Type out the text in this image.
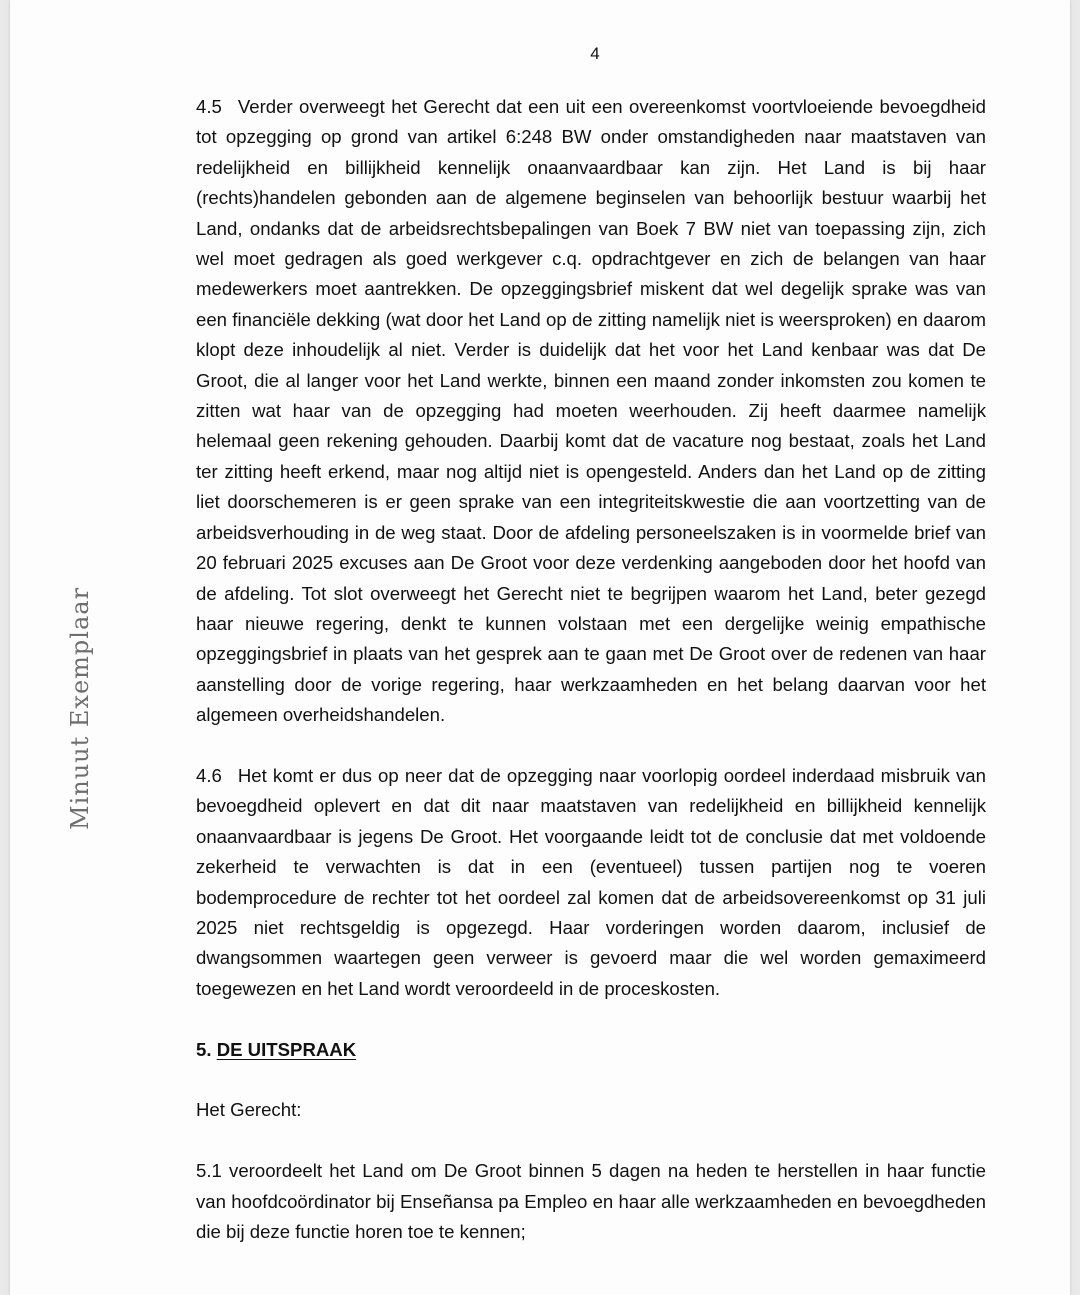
4
Minuut Exemplaar

4.5 Verder overweegt het Gerecht dat een uit een overeenkomst voortvloeiende bevoegdheid tot opzegging op grond van artikel 6:248 BW onder omstandigheden naar maatstaven van redelijkheid en billijkheid kennelijk onaanvaardbaar kan zijn. Het Land is bij haar (rechts)handelen gebonden aan de algemene beginselen van behoorlijk bestuur waarbij het Land, ondanks dat de arbeidsrechtsbepalingen van Boek 7 BW niet van toepassing zijn, zich wel moet gedragen als goed werkgever c.q. opdrachtgever en zich de belangen van haar medewerkers moet aantrekken. De opzeggingsbrief miskent dat wel degelijk sprake was van een financiële dekking (wat door het Land op de zitting namelijk niet is weersproken) en daarom klopt deze inhoudelijk al niet. Verder is duidelijk dat het voor het Land kenbaar was dat De Groot, die al langer voor het Land werkte, binnen een maand zonder inkomsten zou komen te zitten wat haar van de opzegging had moeten weerhouden. Zij heeft daarmee namelijk helemaal geen rekening gehouden. Daarbij komt dat de vacature nog bestaat, zoals het Land ter zitting heeft erkend, maar nog altijd niet is opengesteld. Anders dan het Land op de zitting liet doorschemeren is er geen sprake van een integriteitskwestie die aan voortzetting van de arbeidsverhouding in de weg staat. Door de afdeling personeelszaken is in voormelde brief van 20 februari 2025 excuses aan De Groot voor deze verdenking aangeboden door het hoofd van de afdeling. Tot slot overweegt het Gerecht niet te begrijpen waarom het Land, beter gezegd haar nieuwe regering, denkt te kunnen volstaan met een dergelijke weinig empathische opzeggingsbrief in plaats van het gesprek aan te gaan met De Groot over de redenen van haar aanstelling door de vorige regering, haar werkzaamheden en het belang daarvan voor het algemeen overheidshandelen.

4.6 Het komt er dus op neer dat de opzegging naar voorlopig oordeel inderdaad misbruik van bevoegdheid oplevert en dat dit naar maatstaven van redelijkheid en billijkheid kennelijk onaanvaardbaar is jegens De Groot. Het voorgaande leidt tot de conclusie dat met voldoende zekerheid te verwachten is dat in een (eventueel) tussen partijen nog te voeren bodemprocedure de rechter tot het oordeel zal komen dat de arbeidsovereenkomst op 31 juli 2025 niet rechtsgeldig is opgezegd. Haar vorderingen worden daarom, inclusief de dwangsommen waartegen geen verweer is gevoerd maar die wel worden gemaximeerd toegewezen en het Land wordt veroordeeld in de proceskosten.

5. DE UITSPRAAK

Het Gerecht:

5.1 veroordeelt het Land om De Groot binnen 5 dagen na heden te herstellen in haar functie van hoofdcoördinator bij Enseñansa pa Empleo en haar alle werkzaamheden en bevoegdheden die bij deze functie horen toe te kennen;
